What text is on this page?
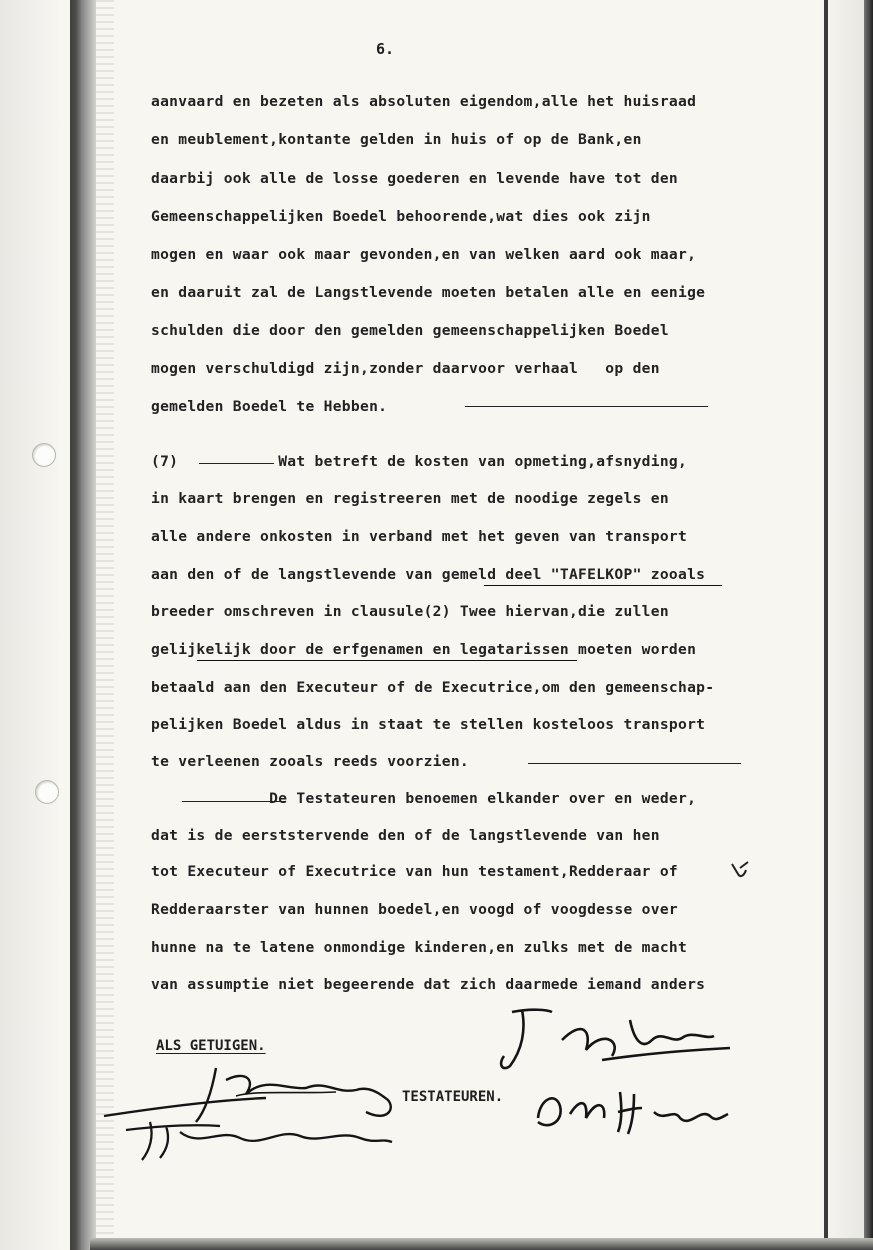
6.
aanvaard en bezeten als absoluten eigendom,alle het huisraad
en meublement,kontante gelden in huis of op de Bank,en
daarbij ook alle de losse goederen en levende have tot den
Gemeenschappelijken Boedel behoorende,wat dies ook zijn
mogen en waar ook maar gevonden,en van welken aard ook maar,
en daaruit zal de Langstlevende moeten betalen alle en eenige
schulden die door den gemelden gemeenschappelijken Boedel
mogen verschuldigd zijn,zonder daarvoor verhaal   op den
gemelden Boedel te Hebben.
(7)           Wat betreft de kosten van opmeting,afsnyding,
in kaart brengen en registreeren met de noodige zegels en
alle andere onkosten in verband met het geven van transport
aan den of de langstlevende van gemeld deel "TAFELKOP" zooals
breeder omschreven in clausule(2) Twee hiervan,die zullen
gelijkelijk door de erfgenamen en legatarissen moeten worden
betaald aan den Executeur of de Executrice,om den gemeenschap-
pelijken Boedel aldus in staat te stellen kosteloos transport
te verleenen zooals reeds voorzien.
De Testateuren benoemen elkander over en weder,
dat is de eerststervende den of de langstlevende van hen
tot Executeur of Executrice van hun testament,Redderaar of
Redderaarster van hunnen boedel,en voogd of voogdesse over
hunne na te latene onmondige kinderen,en zulks met de macht
van assumptie niet begeerende dat zich daarmede iemand anders
ALS GETUIGEN.
TESTATEUREN.
